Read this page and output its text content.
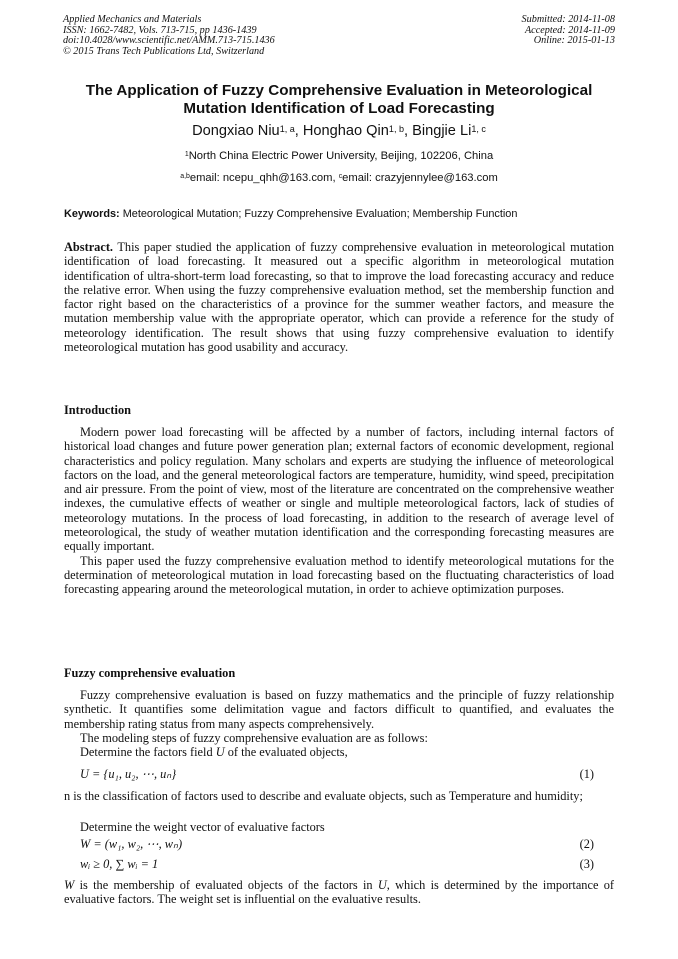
Applied Mechanics and Materials
ISSN: 1662-7482, Vols. 713-715, pp 1436-1439
doi:10.4028/www.scientific.net/AMM.713-715.1436
© 2015 Trans Tech Publications Ltd, Switzerland
Submitted: 2014-11-08
Accepted: 2014-11-09
Online: 2015-01-13
The Application of Fuzzy Comprehensive Evaluation in Meteorological
Mutation Identification of Load Forecasting
Dongxiao Niu$^{1, a}$, Honghao Qin$^{1, b}$, Bingjie Li$^{1, c}$
$^1$North China Electric Power University, Beijing, 102206, China
$^{a,b}$email: ncepu_qhh@163.com, $^c$email: crazyjennylee@163.com
Keywords: Meteorological Mutation; Fuzzy Comprehensive Evaluation; Membership Function

Abstract. This paper studied the application of fuzzy comprehensive evaluation in meteorological mutation identification of load forecasting. It measured out a specific algorithm in meteorological mutation identification of ultra-short-term load forecasting, so that to improve the load forecasting accuracy and reduce the relative error. When using the fuzzy comprehensive evaluation method, set the membership function and factor right based on the characteristics of a province for the summer weather factors, and measure the mutation membership value with the appropriate operator, which can provide a reference for the study of meteorology identification. The result shows that using fuzzy comprehensive evaluation to identify meteorological mutation has good usability and accuracy.

Introduction

Modern power load forecasting will be affected by a number of factors, including internal factors of historical load changes and future power generation plan; external factors of economic development, regional characteristics and policy regulation. Many scholars and experts are studying the influence of meteorological factors on the load, and the general meteorological factors are temperature, humidity, wind speed, precipitation and air pressure. From the point of view, most of the literature are concentrated on the comprehensive weather indexes, the cumulative effects of weather or single and multiple meteorological factors, lack of studies of meteorology mutations. In the process of load forecasting, in addition to the research of average level of meteorological, the study of weather mutation identification and the corresponding forecasting measures are equally important.

This paper used the fuzzy comprehensive evaluation method to identify meteorological mutations for the determination of meteorological mutation in load forecasting based on the fluctuating characteristics of load forecasting appearing around the meteorological mutation, in order to achieve optimization purposes.

Fuzzy comprehensive evaluation

Fuzzy comprehensive evaluation is based on fuzzy mathematics and the principle of fuzzy relationship synthetic. It quantifies some delimitation vague and factors difficult to quantified, and evaluates the membership rating status from many aspects comprehensively.

The modeling steps of fuzzy comprehensive evaluation are as follows:

Determine the factors field U of the evaluated objects,

U = {u₁, u₂, ⋯, uₙ}	(1)
n is the classification of factors used to describe and evaluate objects, such as Temperature and humidity;
Determine the weight vector of evaluative factors
W = (w₁, w₂, ⋯, wₙ)	(2)
wᵢ ≥ 0, ∑ wᵢ = 1	(3)
W is the membership of evaluated objects of the factors in U, which is determined by the importance of evaluative factors. The weight set is influential on the evaluative results.
